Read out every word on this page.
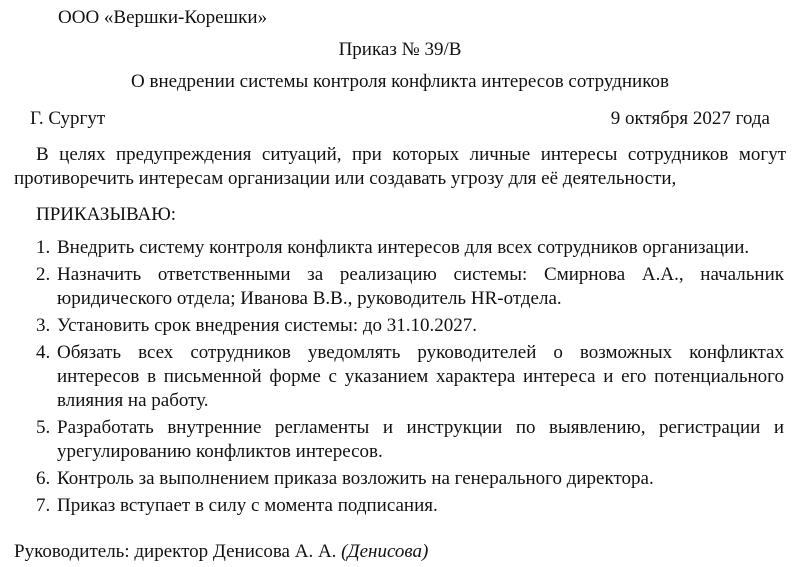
ООО «Вершки-Корешки»
Приказ № 39/В
О внедрении системы контроля конфликта интересов сотрудников
Г. Сургут	9 октября 2027 года
В целях предупреждения ситуаций, при которых личные интересы сотрудников могут противоречить интересам организации или создавать угрозу для её деятельности,
ПРИКАЗЫВАЮ:
1. Внедрить систему контроля конфликта интересов для всех сотрудников организации.
2. Назначить ответственными за реализацию системы: Смирнова А.А., начальник юридического отдела; Иванова В.В., руководитель HR-отдела.
3. Установить срок внедрения системы: до 31.10.2027.
4. Обязать всех сотрудников уведомлять руководителей о возможных конфликтах интересов в письменной форме с указанием характера интереса и его потенциального влияния на работу.
5. Разработать внутренние регламенты и инструкции по выявлению, регистрации и урегулированию конфликтов интересов.
6. Контроль за выполнением приказа возложить на генерального директора.
7. Приказ вступает в силу с момента подписания.
Руководитель: директор Денисова А. А. (Денисова)
